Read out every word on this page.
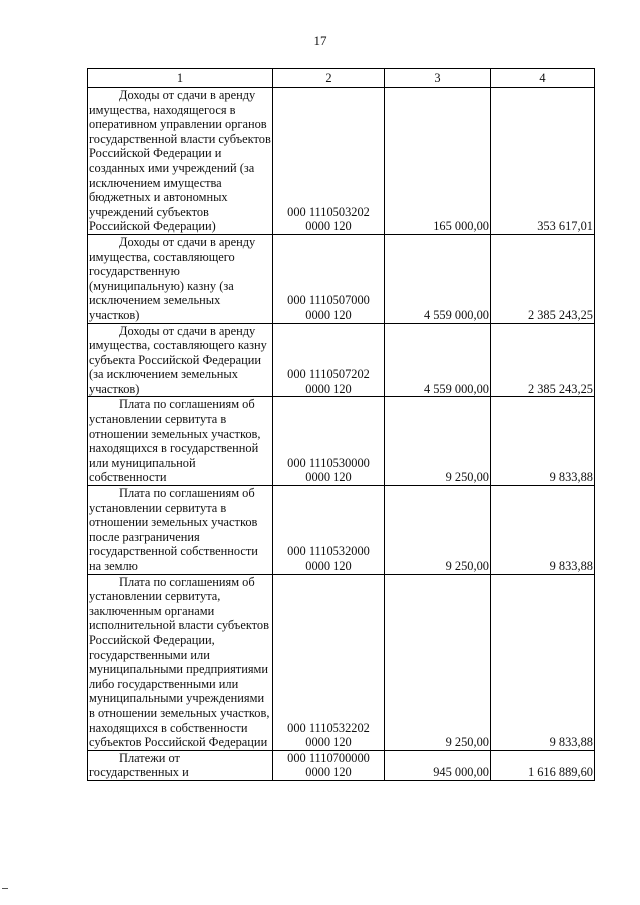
17
1	2	3	4

Доходы от сдачи в аренду имущества, находящегося в оперативном управлении органов государственной власти субъектов Российской Федерации и созданных ими учреждений (за исключением имущества бюджетных и автономных учреждений субъектов Российской Федерации)	000 1110503202
0000 120	165 000,00	353 617,01

Доходы от сдачи в аренду имущества, составляющего государственную (муниципальную) казну (за исключением земельных участков)	000 1110507000
0000 120	4 559 000,00	2 385 243,25

Доходы от сдачи в аренду имущества, составляющего казну субъекта Российской Федерации (за исключением земельных участков)	000 1110507202
0000 120	4 559 000,00	2 385 243,25

Плата по соглашениям об установлении сервитута в отношении земельных участков, находящихся в государственной или муниципальной собственности	000 1110530000
0000 120	9 250,00	9 833,88

Плата по соглашениям об установлении сервитута в отношении земельных участков после разграничения государственной собственности на землю	000 1110532000
0000 120	9 250,00	9 833,88

Плата по соглашениям об установлении сервитута, заключенным органами исполнительной власти субъектов Российской Федерации, государственными или муниципальными предприятиями либо государственными или муниципальными учреждениями в отношении земельных участков, находящихся в собственности субъектов Российской Федерации	000 1110532202
0000 120	9 250,00	9 833,88

Платежи от государственных и	000 1110700000
0000 120	945 000,00	1 616 889,60
